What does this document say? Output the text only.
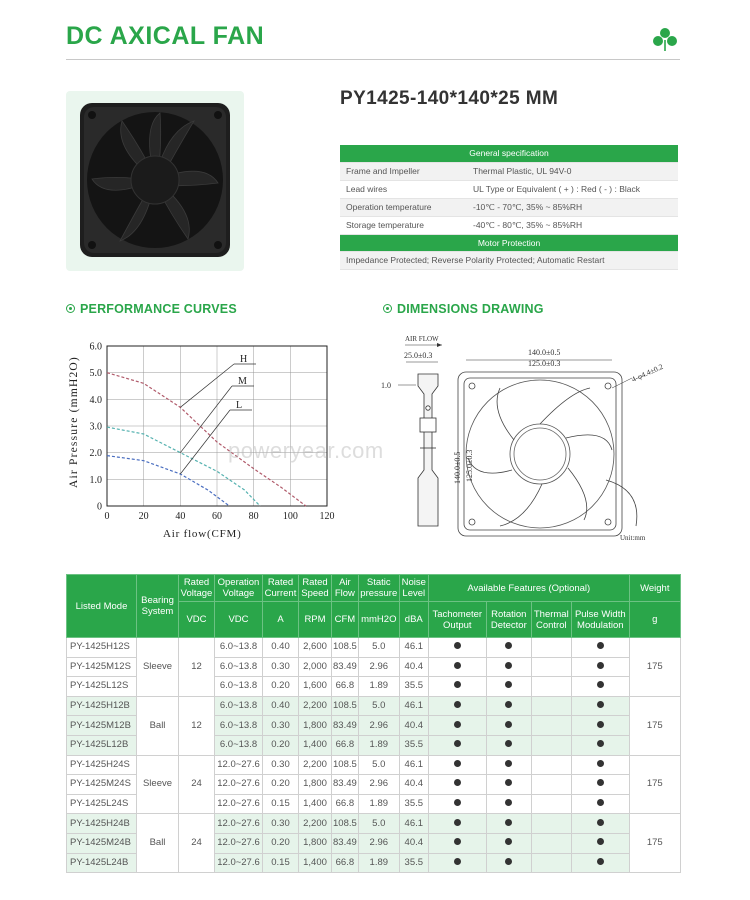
DC AXICAL FAN
PY1425-140*140*25 MM
General specification	
Frame and Impeller	Thermal Plastic, UL 94V-0
Lead wires	UL Type or Equivalent ( + ) : Red ( - ) : Black
Operation temperature	-10℃ - 70℃, 35% ~ 85%RH
Storage temperature	-40℃ - 80℃, 35% ~ 85%RH
Motor Protection	
Impedance Protected; Reverse Polarity Protected; Automatic Restart	
PERFORMANCE CURVES	DIMENSIONS DRAWING
0	20	40	60	80 100 120
0
1.0
2.0
3.0
4.0
5.0
6.0
Air Pressure (mmH2O)
Air flow(CFM)
H
M
L
AIR FLOW
25.0±0.3
1.0
140.0±0.5
125.0±0.3
140.0±0.5 125.0±0.3
4-φ4.4±0.2
Unit:mm
poweryear.com
Listed Mode	Bearing System	Rated Voltage	Operation Voltage	Rated Current	Rated Speed	Air Flow	Static pressure	Noise Level	Available Features (Optional)				Weight
		VDC	VDC	A	RPM	CFM	mmH2O	dBA	Tachometer Output	Rotation Detector	Thermal Control	Pulse Width Modulation	g
PY-1425H12S	Sleeve	12	6.0~13.8	0.40	2,600	108.5	5.0	46.1					175
PY-1425M12S			6.0~13.8	0.30	2,000	83.49	2.96	40.4					
PY-1425L12S			6.0~13.8	0.20	1,600	66.8	1.89	35.5					
PY-1425H12B	Ball	12	6.0~13.8	0.40	2,200	108.5	5.0	46.1					175
PY-1425M12B			6.0~13.8	0.30	1,800	83.49	2.96	40.4					
PY-1425L12B			6.0~13.8	0.20	1,400	66.8	1.89	35.5					
PY-1425H24S	Sleeve	24	12.0~27.6	0.30	2,200	108.5	5.0	46.1					175
PY-1425M24S			12.0~27.6	0.20	1,800	83.49	2.96	40.4					
PY-1425L24S			12.0~27.6	0.15	1,400	66.8	1.89	35.5					
PY-1425H24B	Ball	24	12.0~27.6	0.30	2,200	108.5	5.0	46.1					175
PY-1425M24B			12.0~27.6	0.20	1,800	83.49	2.96	40.4					
PY-1425L24B			12.0~27.6	0.15	1,400	66.8	1.89	35.5					
